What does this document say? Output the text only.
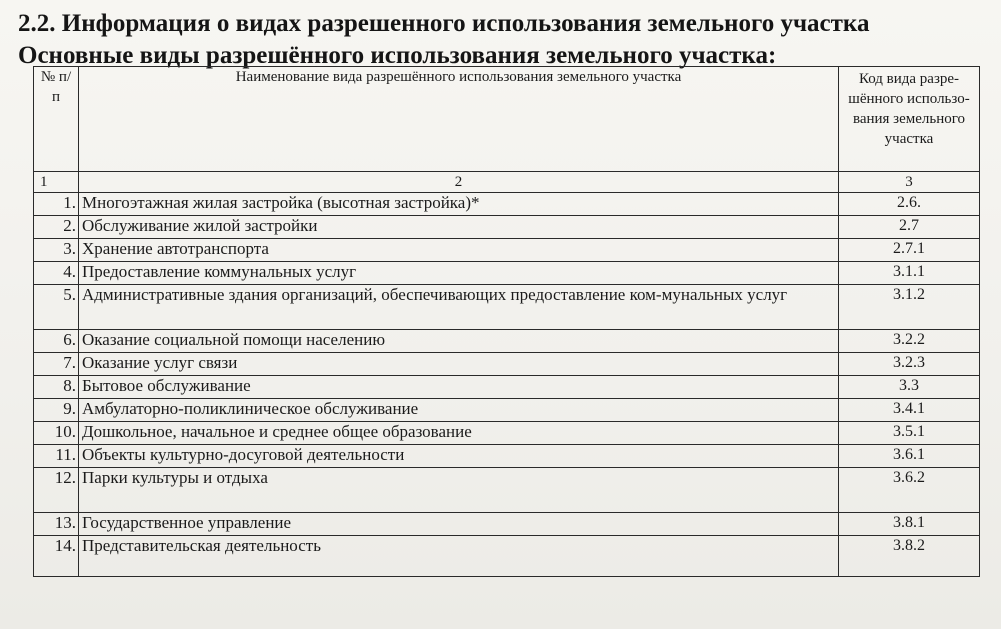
2.2. Информация о видах разрешенного использования земельного участка
Основные виды разрешённого использования земельного участка:
№ п/п	Наименование вида разрешённого использования земельного участка	Код вида разре-шённого использо-вания земельного участка
1	2	3
1.	Многоэтажная жилая застройка (высотная застройка)*	2.6.
2.	Обслуживание жилой застройки	2.7
3.	Хранение автотранспорта	2.7.1
4.	Предоставление коммунальных услуг	3.1.1
5.	Административные здания организаций, обеспечивающих предоставление ком-мунальных услуг	3.1.2
6.	Оказание социальной помощи населению	3.2.2
7.	Оказание услуг связи	3.2.3
8.	Бытовое обслуживание	3.3
9.	Амбулаторно-поликлиническое обслуживание	3.4.1
10.	Дошкольное, начальное и среднее общее образование	3.5.1
11.	Объекты культурно-досуговой деятельности	3.6.1
12.	Парки культуры и отдыха	3.6.2
13.	Государственное управление	3.8.1
14.	Представительская деятельность	3.8.2
